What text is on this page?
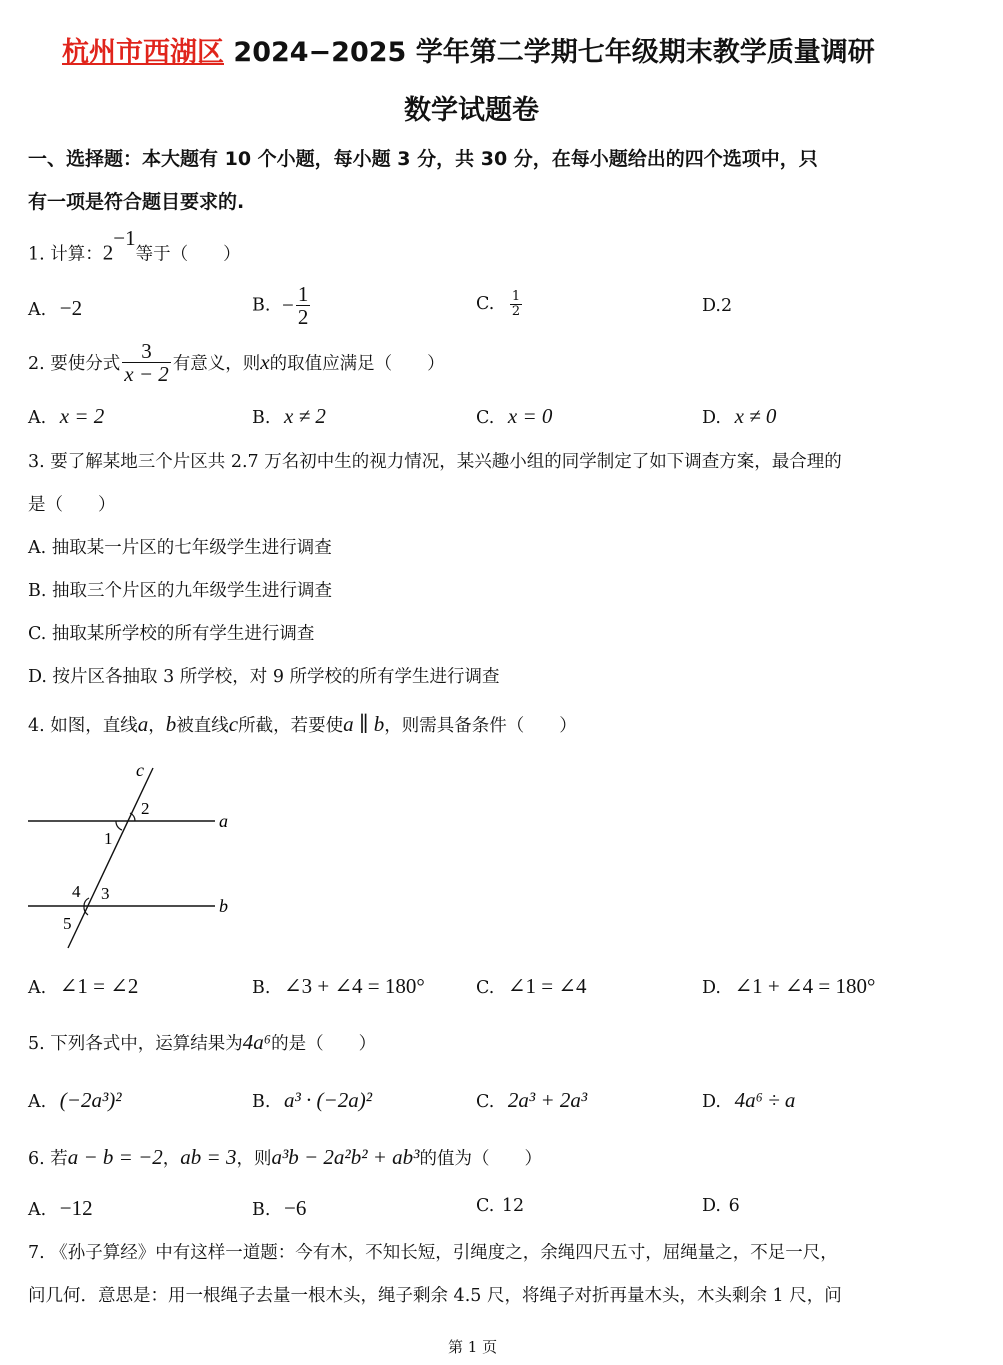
杭州市西湖区 2024−2025 学年第二学期七年级期末教学质量调研
数学试题卷
一、选择题：本大题有 10 个小题，每小题 3 分，共 30 分，在每小题给出的四个选项中，只
有一项是符合题目要求的.
1. 计算：$2^{-1}$等于（　　）
A. −2	B. − $\frac{1}{2}$	C. $\frac{1}{2}$	D.2
2. 要使分式 $\frac{3}{x - 2}$ 有意义，则x的取值应满足（　　）
A. x = 2	B. x ≠ 2	C. x = 0	D. x ≠ 0
3. 要了解某地三个片区共 2.7 万名初中生的视力情况，某兴趣小组的同学制定了如下调查方案，最合理的
是（　　）
A. 抽取某一片区的七年级学生进行调查
B. 抽取三个片区的九年级学生进行调查
C. 抽取某所学校的所有学生进行调查
D. 按片区各抽取 3 所学校，对 9 所学校的所有学生进行调查
4. 如图，直线a，b被直线c所截，若要使a ∥ b，则需具备条件（　　）
c
a
b
2
1
4 3
5
A. ∠1 = ∠2	B. ∠3 + ∠4 = 180°	C. ∠1 = ∠4	D. ∠1 + ∠4 = 180°
5. 下列各式中，运算结果为4a⁶的是（　　）
A. (−2a³)²	B. a³ · (−2a)²	C. 2a³ + 2a³	D. 4a⁶ ÷ a
6. 若a − b = −2，ab = 3，则a³b − 2a²b² + ab³的值为（　　）
A. −12	B. −6	C. 12	D. 6
7. 《孙子算经》中有这样一道题：今有木，不知长短，引绳度之，余绳四尺五寸，屈绳量之，不足一尺，
问几何．意思是：用一根绳子去量一根木头，绳子剩余 4.5 尺，将绳子对折再量木头，木头剩余 1 尺，问
第 1 页
